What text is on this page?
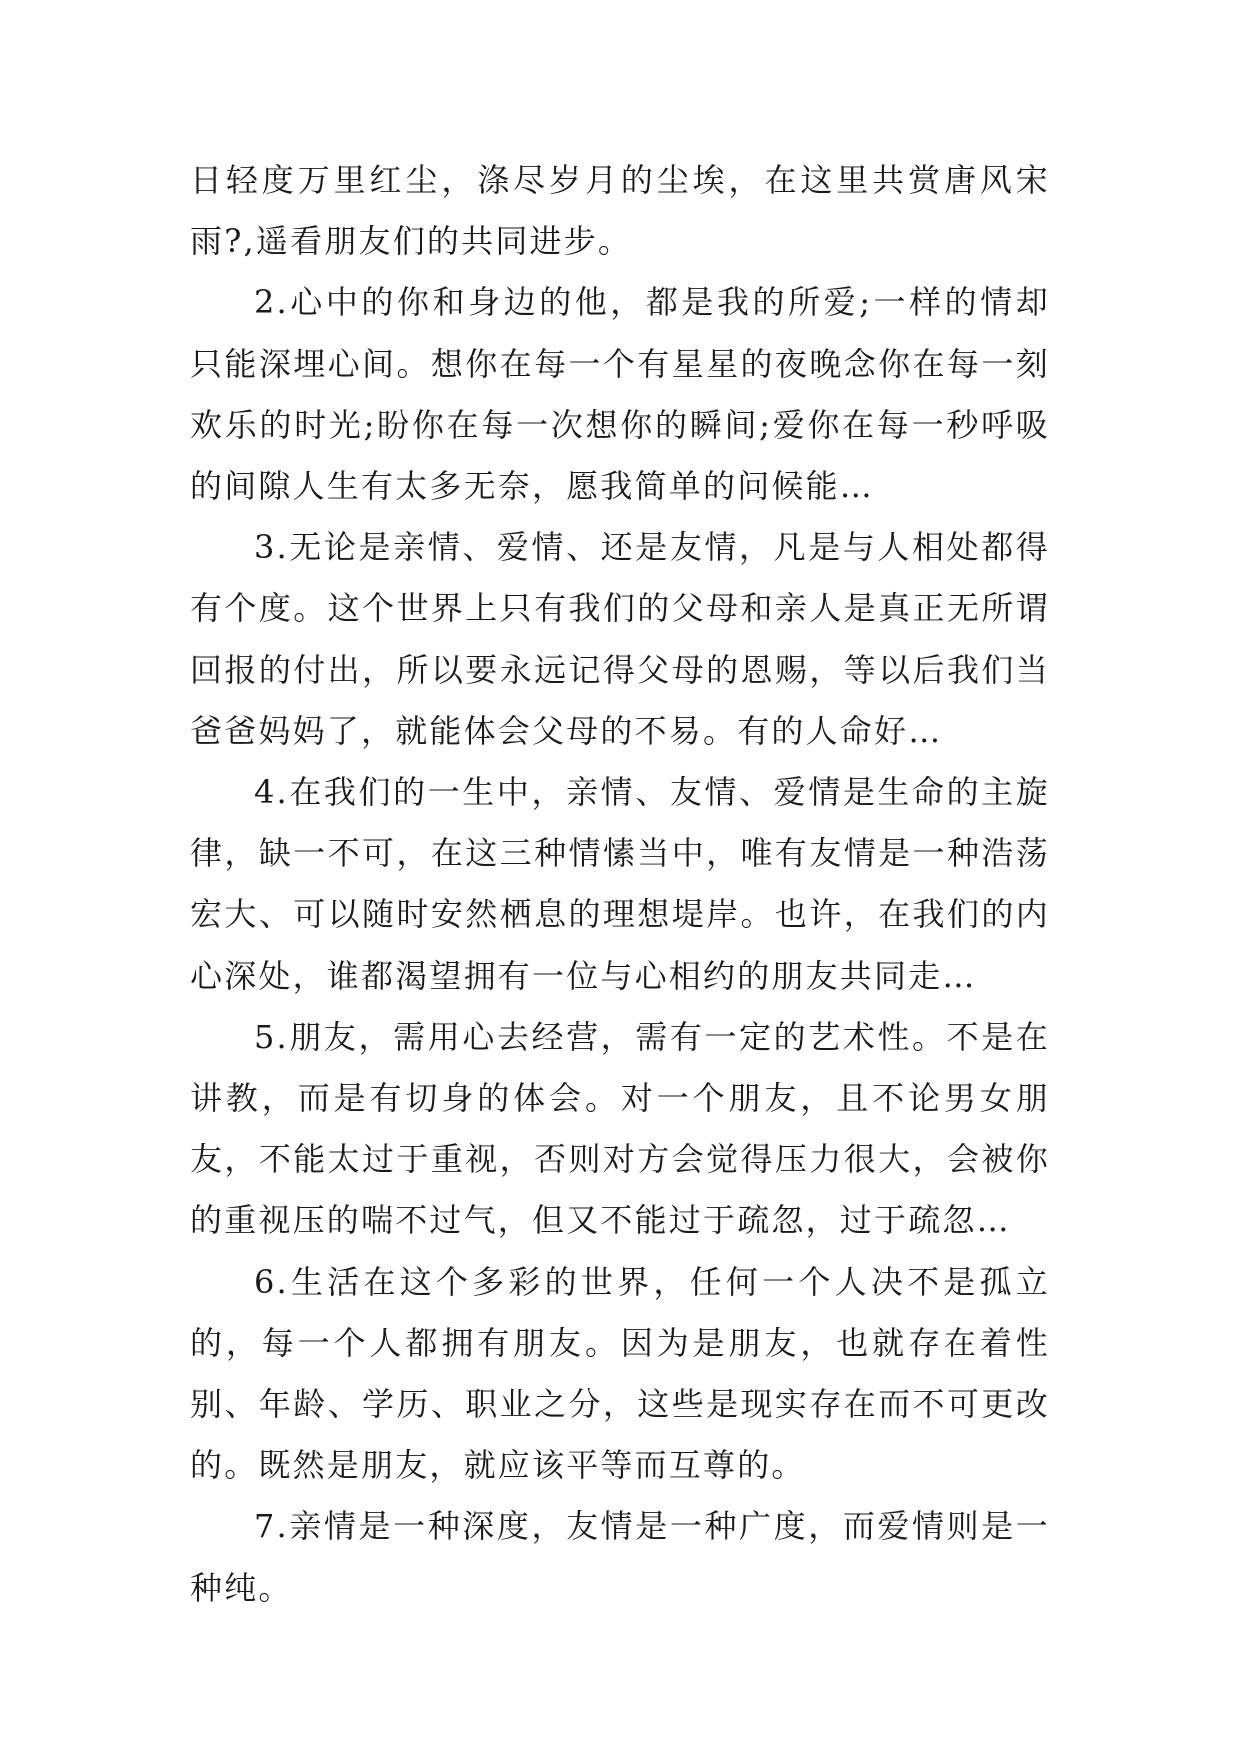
日轻度万里红尘，涤尽岁月的尘埃，在这里共赏唐风宋雨?,遥看朋友们的共同进步。

2.心中的你和身边的他，都是我的所爱;一样的情却只能深埋心间。想你在每一个有星星的夜晚念你在每一刻欢乐的时光;盼你在每一次想你的瞬间;爱你在每一秒呼吸的间隙人生有太多无奈，愿我简单的问候能…

3.无论是亲情、爱情、还是友情，凡是与人相处都得有个度。这个世界上只有我们的父母和亲人是真正无所谓回报的付出，所以要永远记得父母的恩赐，等以后我们当爸爸妈妈了，就能体会父母的不易。有的人命好…

4.在我们的一生中，亲情、友情、爱情是生命的主旋律，缺一不可，在这三种情愫当中，唯有友情是一种浩荡宏大、可以随时安然栖息的理想堤岸。也许，在我们的内心深处，谁都渴望拥有一位与心相约的朋友共同走…

5.朋友，需用心去经营，需有一定的艺术性。不是在讲教，而是有切身的体会。对一个朋友，且不论男女朋友，不能太过于重视，否则对方会觉得压力很大，会被你的重视压的喘不过气，但又不能过于疏忽，过于疏忽…

6.生活在这个多彩的世界，任何一个人决不是孤立的，每一个人都拥有朋友。因为是朋友，也就存在着性别、年龄、学历、职业之分，这些是现实存在而不可更改的。既然是朋友，就应该平等而互尊的。

7.亲情是一种深度，友情是一种广度，而爱情则是一种纯。
